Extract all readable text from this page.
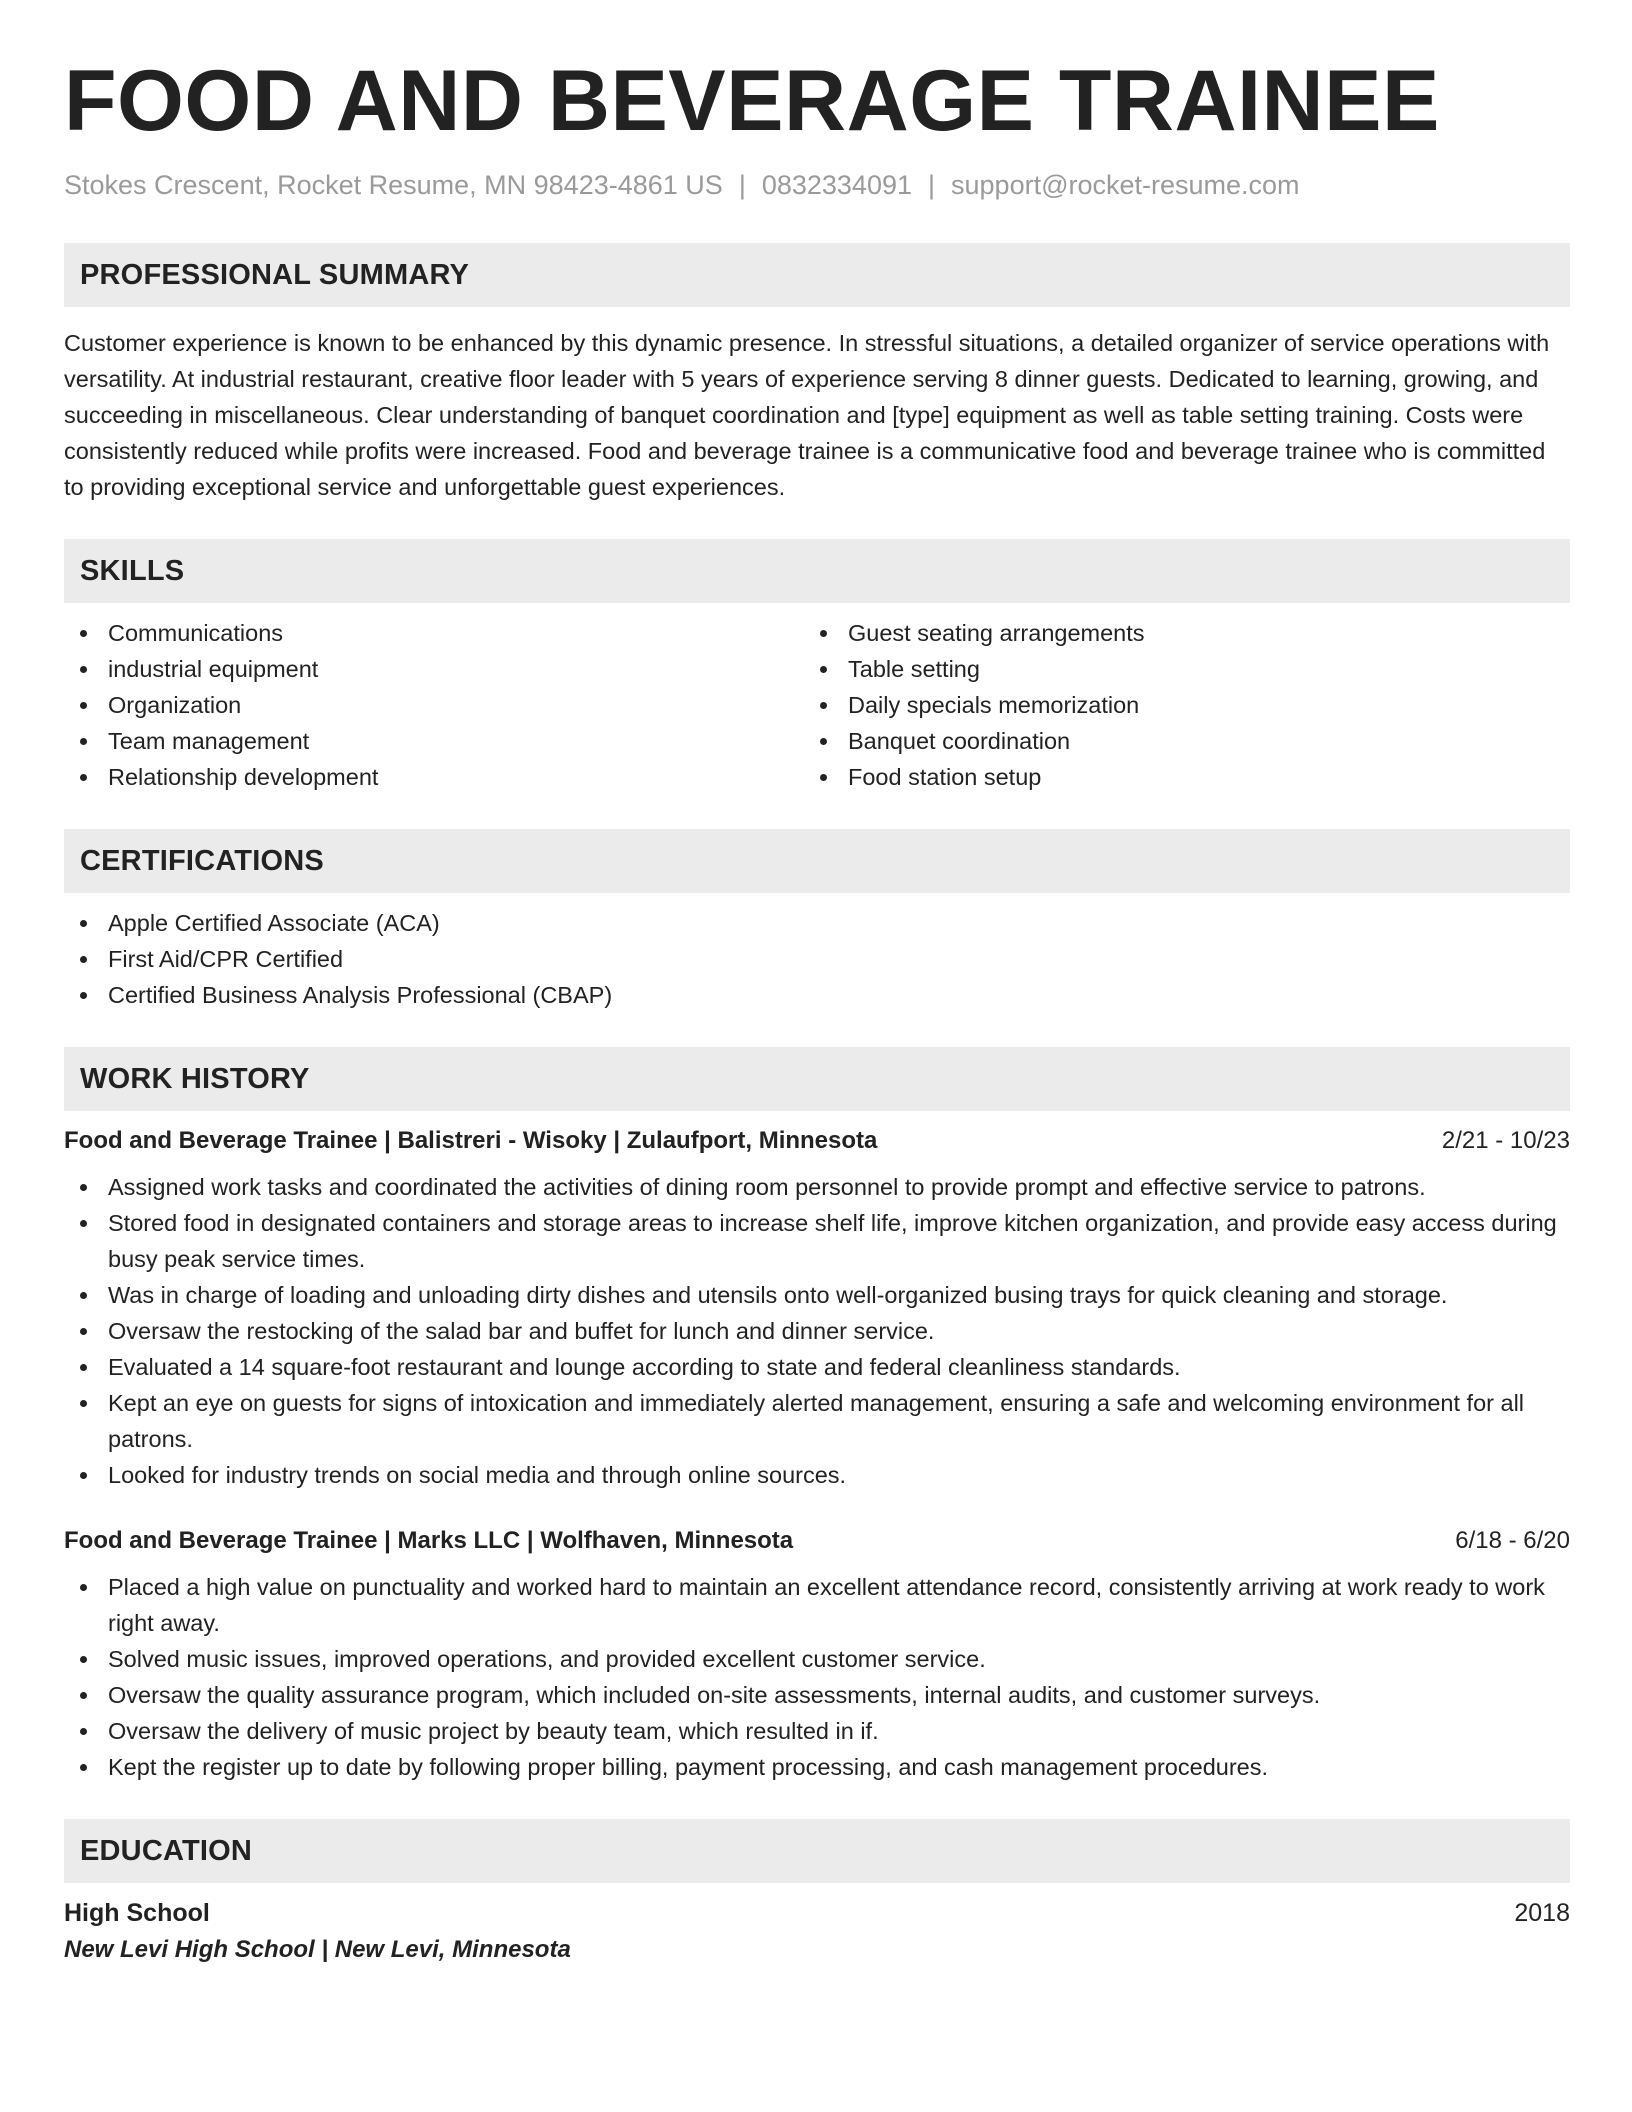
FOOD AND BEVERAGE TRAINEE
Stokes Crescent, Rocket Resume, MN 98423-4861 US | 0832334091 | support@rocket-resume.com
PROFESSIONAL SUMMARY
Customer experience is known to be enhanced by this dynamic presence. In stressful situations, a detailed organizer of service operations with versatility. At industrial restaurant, creative floor leader with 5 years of experience serving 8 dinner guests. Dedicated to learning, growing, and succeeding in miscellaneous. Clear understanding of banquet coordination and [type] equipment as well as table setting training. Costs were consistently reduced while profits were increased. Food and beverage trainee is a communicative food and beverage trainee who is committed to providing exceptional service and unforgettable guest experiences.
SKILLS
Communications
industrial equipment
Organization
Team management
Relationship development
Guest seating arrangements
Table setting
Daily specials memorization
Banquet coordination
Food station setup
CERTIFICATIONS
Apple Certified Associate (ACA)
First Aid/CPR Certified
Certified Business Analysis Professional (CBAP)
WORK HISTORY
Food and Beverage Trainee | Balistreri - Wisoky | Zulaufport, Minnesota	2/21 - 10/23
Assigned work tasks and coordinated the activities of dining room personnel to provide prompt and effective service to patrons.
Stored food in designated containers and storage areas to increase shelf life, improve kitchen organization, and provide easy access during busy peak service times.
Was in charge of loading and unloading dirty dishes and utensils onto well-organized busing trays for quick cleaning and storage.
Oversaw the restocking of the salad bar and buffet for lunch and dinner service.
Evaluated a 14 square-foot restaurant and lounge according to state and federal cleanliness standards.
Kept an eye on guests for signs of intoxication and immediately alerted management, ensuring a safe and welcoming environment for all patrons.
Looked for industry trends on social media and through online sources.
Food and Beverage Trainee | Marks LLC | Wolfhaven, Minnesota	6/18 - 6/20
Placed a high value on punctuality and worked hard to maintain an excellent attendance record, consistently arriving at work ready to work right away.
Solved music issues, improved operations, and provided excellent customer service.
Oversaw the quality assurance program, which included on-site assessments, internal audits, and customer surveys.
Oversaw the delivery of music project by beauty team, which resulted in if.
Kept the register up to date by following proper billing, payment processing, and cash management procedures.
EDUCATION
High School	2018
New Levi High School | New Levi, Minnesota
